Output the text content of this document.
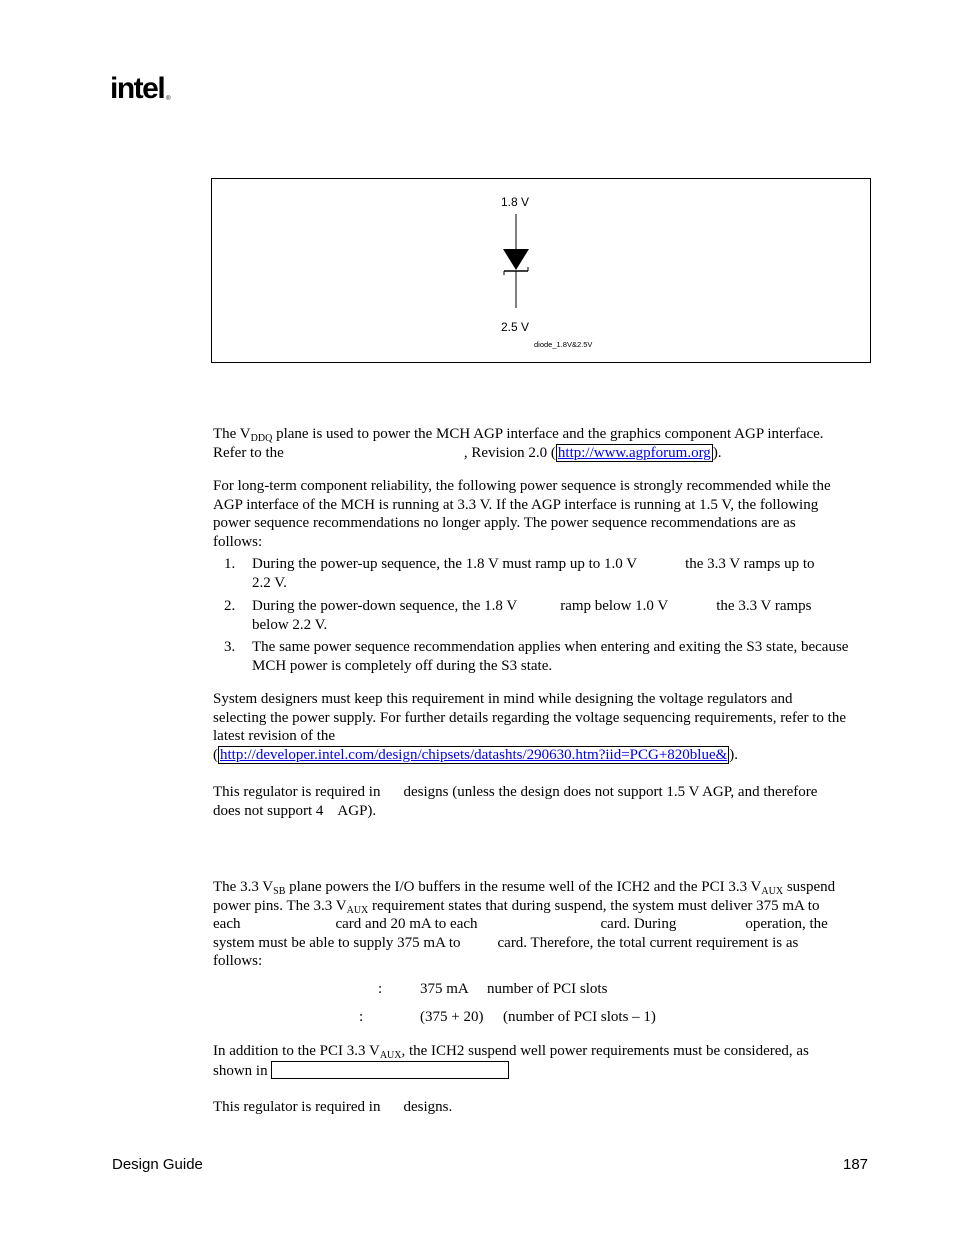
intel ®
1.8 V
2.5 V
diode_1.8V&2.5V
The $V_{DDQ}$ plane is used to power the MCH AGP interface and the graphics component AGP interface.
Refer to the	, Revision 2.0 ( http://www.agpforum.org ).
For long-term component reliability, the following power sequence is strongly recommended while the
AGP interface of the MCH is running at 3.3 V. If the AGP interface is running at 1.5 V, the following
power sequence recommendations no longer apply. The power sequence recommendations are as
follows:
1. During the power-up sequence, the 1.8 V must ramp up to 1.0 V	the 3.3 V ramps up to
2.2 V.
2. During the power-down sequence, the 1.8 V	ramp below 1.0 V	the 3.3 V ramps
below 2.2 V.
3. The same power sequence recommendation applies when entering and exiting the S3 state, because
MCH power is completely off during the S3 state.
System designers must keep this requirement in mind while designing the voltage regulators and
selecting the power supply. For further details regarding the voltage sequencing requirements, refer to the
latest revision of the
( http://developer.intel.com/design/chipsets/datashts/290630.htm?iid=PCG+820blue& ).
This regulator is required in designs (unless the design does not support 1.5 V AGP, and therefore
does not support 4 AGP).
The 3.3 $V_{SB}$ plane powers the I/O buffers in the resume well of the ICH2 and the PCI 3.3 $V_{AUX}$ suspend
power pins. The 3.3 $V_{AUX}$ requirement states that during suspend, the system must deliver 375 mA to
each	card and 20 mA to each	card. During	operation, the
system must be able to supply 375 mA to card. Therefore, the total current requirement is as
follows:
:	375 mA number of PCI slots
:	(375 + 20) (number of PCI slots – 1)
In addition to the PCI 3.3 $V_{AUX}$, the ICH2 suspend well power requirements must be considered, as
shown in
This regulator is required in designs.
Design Guide	187
